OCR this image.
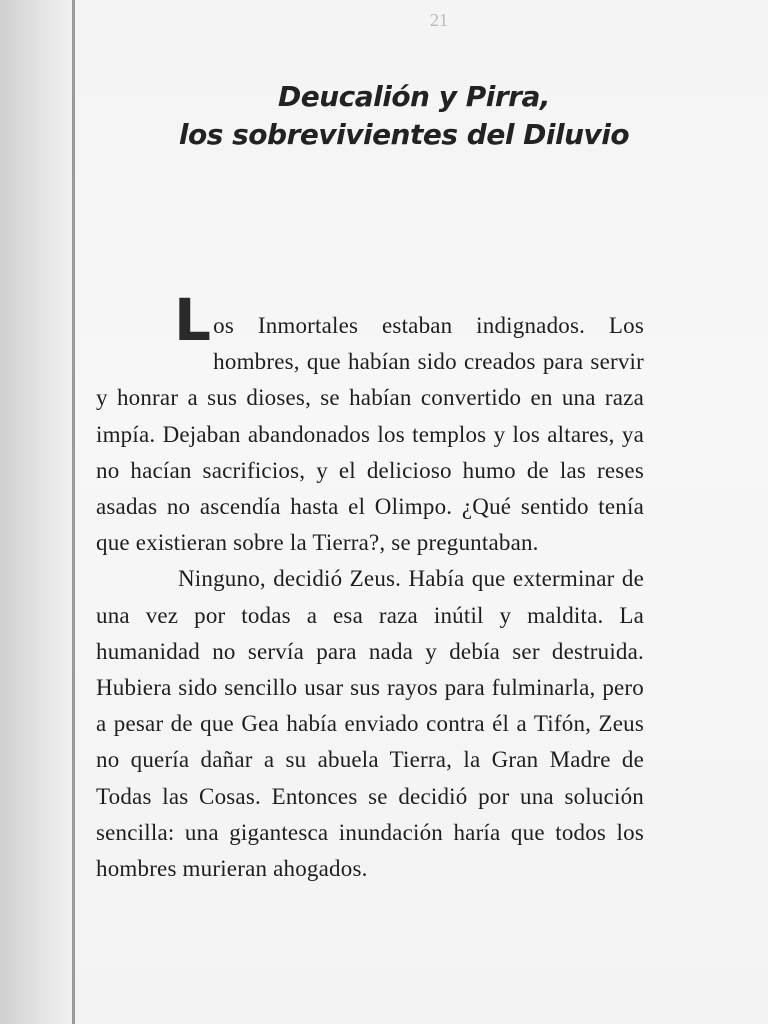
21
Deucalión y Pirra,
los sobrevivientes del Diluvio

Los Inmortales estaban indignados. Los hombres, que habían sido creados para servir y honrar a sus dioses, se habían convertido en una raza impía. Dejaban abandonados los templos y los altares, ya no hacían sacrificios, y el delicioso humo de las reses asadas no ascendía hasta el Olimpo. ¿Qué sentido tenía que existieran sobre la Tierra?, se preguntaban.

Ninguno, decidió Zeus. Había que exterminar de una vez por todas a esa raza inútil y maldita. La humanidad no servía para nada y debía ser destruida. Hubiera sido sencillo usar sus rayos para fulminarla, pero a pesar de que Gea había enviado contra él a Tifón, Zeus no quería dañar a su abuela Tierra, la Gran Madre de Todas las Cosas. Entonces se decidió por una solución sencilla: una gigantesca inundación haría que todos los hombres murieran ahogados.
